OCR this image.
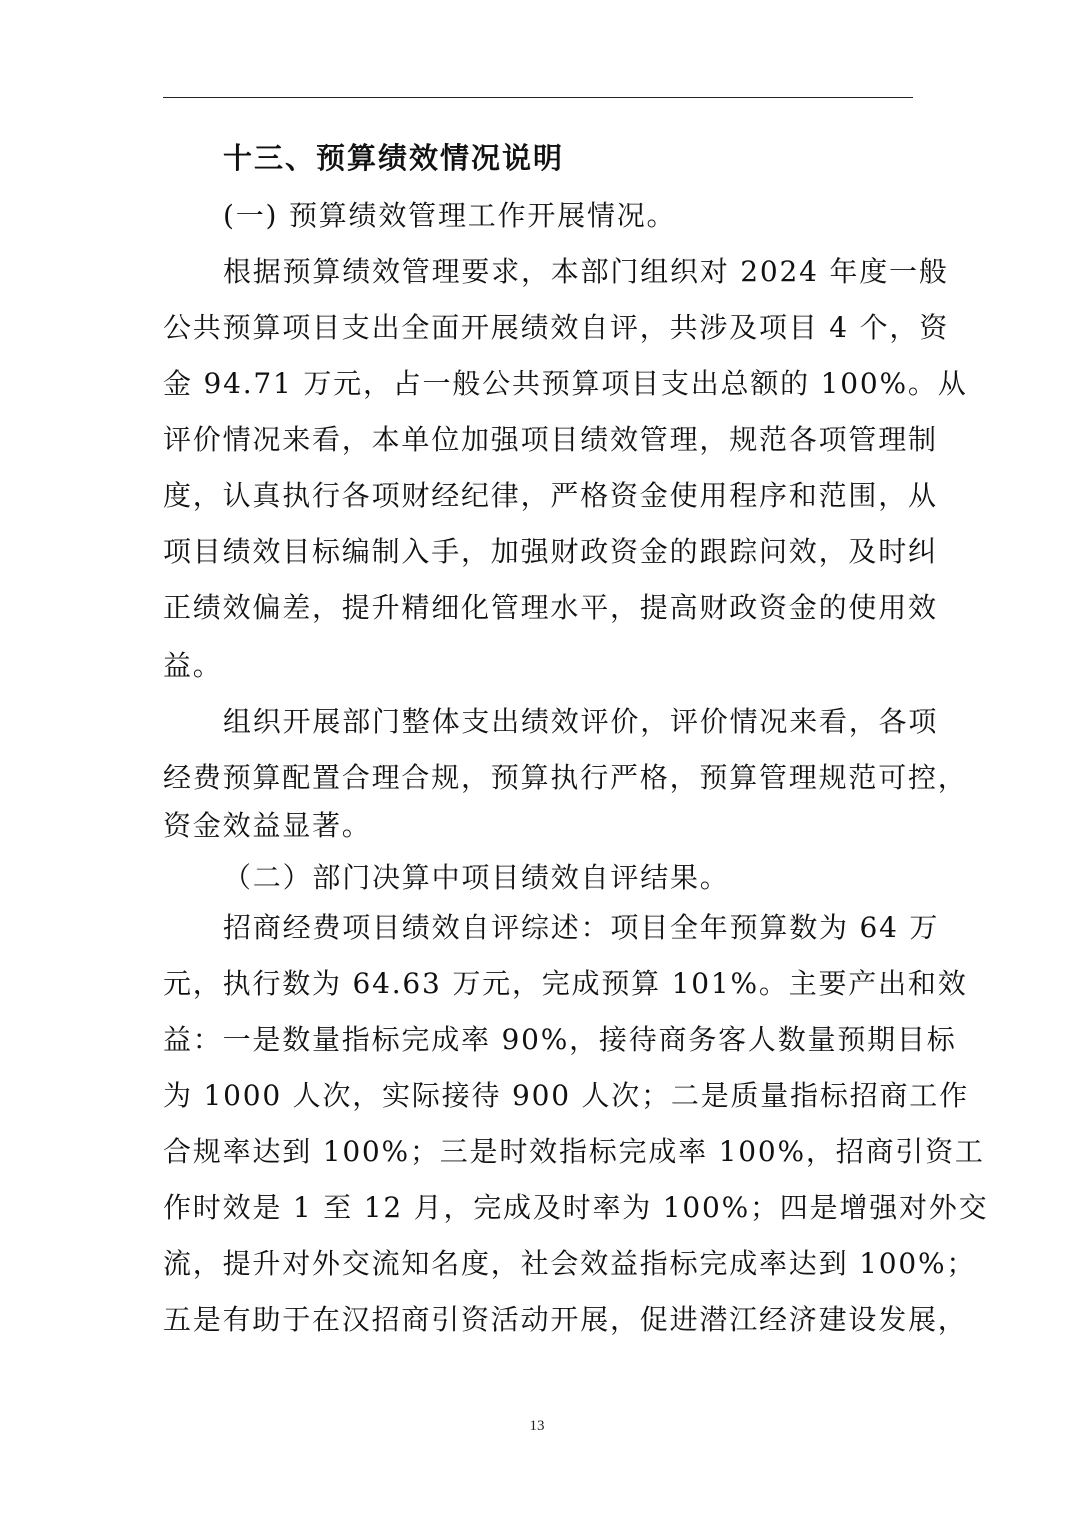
十三、预算绩效情况说明
(一) 预算绩效管理工作开展情况。
根据预算绩效管理要求，本部门组织对 2024 年度一般
公共预算项目支出全面开展绩效自评，共涉及项目 4 个，资
金 94.71 万元，占一般公共预算项目支出总额的 100%。从
评价情况来看，本单位加强项目绩效管理，规范各项管理制
度，认真执行各项财经纪律，严格资金使用程序和范围，从
项目绩效目标编制入手，加强财政资金的跟踪问效，及时纠
正绩效偏差，提升精细化管理水平，提高财政资金的使用效
益。
组织开展部门整体支出绩效评价，评价情况来看，各项
经费预算配置合理合规，预算执行严格，预算管理规范可控，
资金效益显著。
（二）部门决算中项目绩效自评结果。
招商经费项目绩效自评综述：项目全年预算数为 64 万
元，执行数为 64.63 万元，完成预算 101%。主要产出和效
益：一是数量指标完成率 90%，接待商务客人数量预期目标
为 1000 人次，实际接待 900 人次；二是质量指标招商工作
合规率达到 100%；三是时效指标完成率 100%，招商引资工
作时效是 1 至 12 月，完成及时率为 100%；四是增强对外交
流，提升对外交流知名度，社会效益指标完成率达到 100%；
五是有助于在汉招商引资活动开展，促进潜江经济建设发展，
13
